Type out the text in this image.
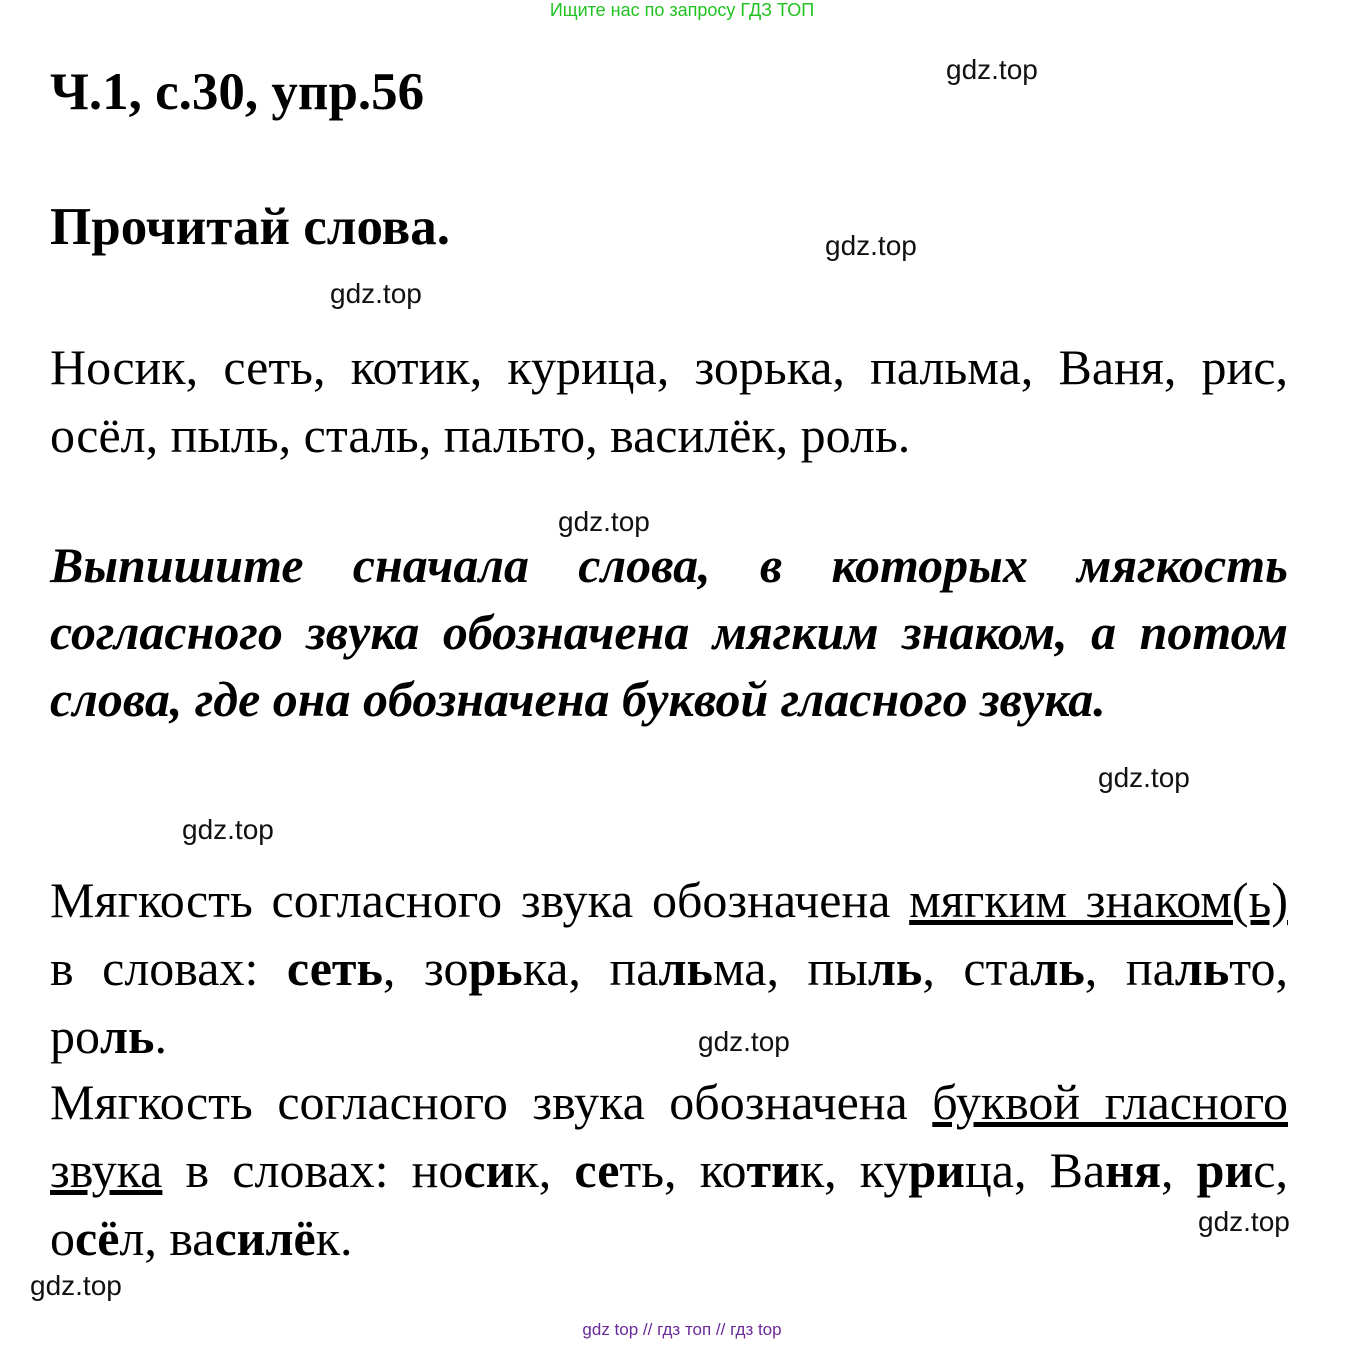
Ищите нас по запросу ГДЗ ТОП
Ч.1, с.30, упр.56
Прочитай слова.
Носик, сеть, котик, курица, зорька, пальма, Ваня, рис, осёл, пыль, сталь, пальто, василёк, роль.
Выпишите сначала слова, в которых мягкость согласного звука обозначена мягким знаком, а потом слова, где она обозначена буквой гласного звука.
Мягкость согласного звука обозначена мягким знаком(ь) в словах: сеть, зорька, пальма, пыль, сталь, пальто, роль.
Мягкость согласного звука обозначена буквой гласного звука в словах: носик, сеть, котик, курица, Ваня, рис, осёл, василёк.
gdz.top
gdz.top
gdz.top
gdz.top
gdz.top
gdz.top
gdz.top
gdz.top
gdz.top
gdz top // гдз топ // гдз top
